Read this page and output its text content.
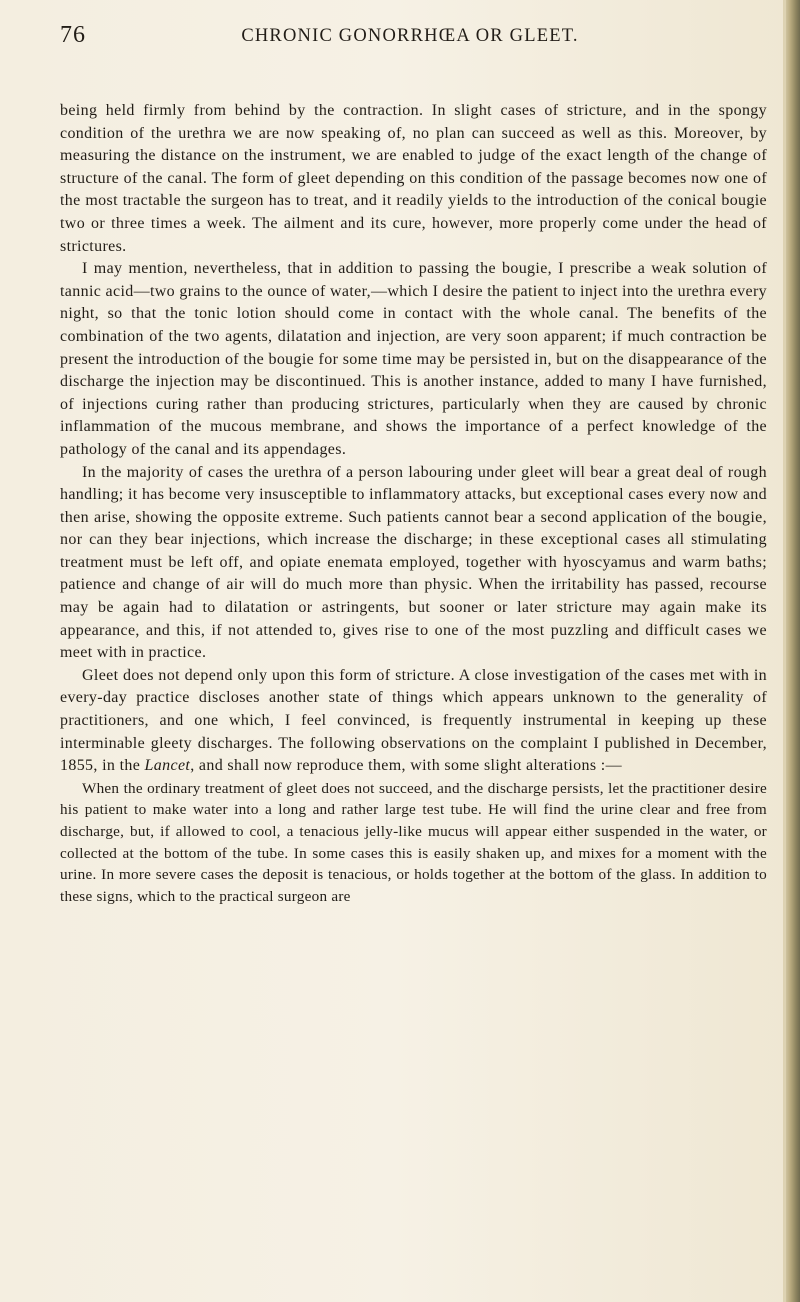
76	CHRONIC GONORRHŒA OR GLEET.

being held firmly from behind by the contraction. In slight cases of stricture, and in the spongy condition of the urethra we are now speaking of, no plan can succeed as well as this. Moreover, by measuring the distance on the instrument, we are enabled to judge of the exact length of the change of structure of the canal. The form of gleet depending on this condition of the passage becomes now one of the most tractable the surgeon has to treat, and it readily yields to the introduction of the conical bougie two or three times a week. The ailment and its cure, however, more properly come under the head of strictures.

I may mention, nevertheless, that in addition to passing the bougie, I prescribe a weak solution of tannic acid—two grains to the ounce of water,—which I desire the patient to inject into the urethra every night, so that the tonic lotion should come in contact with the whole canal. The benefits of the combination of the two agents, dilatation and injection, are very soon apparent; if much contraction be present the introduction of the bougie for some time may be persisted in, but on the disappearance of the discharge the injection may be discontinued. This is another instance, added to many I have furnished, of injections curing rather than producing strictures, particularly when they are caused by chronic inflammation of the mucous membrane, and shows the importance of a perfect knowledge of the pathology of the canal and its appendages.

In the majority of cases the urethra of a person labouring under gleet will bear a great deal of rough handling; it has become very insusceptible to inflammatory attacks, but exceptional cases every now and then arise, showing the opposite extreme. Such patients cannot bear a second application of the bougie, nor can they bear injections, which increase the discharge; in these exceptional cases all stimulating treatment must be left off, and opiate enemata employed, together with hyoscyamus and warm baths; patience and change of air will do much more than physic. When the irritability has passed, recourse may be again had to dilatation or astringents, but sooner or later stricture may again make its appearance, and this, if not attended to, gives rise to one of the most puzzling and difficult cases we meet with in practice.

Gleet does not depend only upon this form of stricture. A close investigation of the cases met with in every-day practice discloses another state of things which appears unknown to the generality of practitioners, and one which, I feel convinced, is frequently instrumental in keeping up these interminable gleety discharges. The following observations on the complaint I published in December, 1855, in the Lancet, and shall now reproduce them, with some slight alterations :—

When the ordinary treatment of gleet does not succeed, and the discharge persists, let the practitioner desire his patient to make water into a long and rather large test tube. He will find the urine clear and free from discharge, but, if allowed to cool, a tenacious jelly-like mucus will appear either suspended in the water, or collected at the bottom of the tube. In some cases this is easily shaken up, and mixes for a moment with the urine. In more severe cases the deposit is tenacious, or holds together at the bottom of the glass. In addition to these signs, which to the practical surgeon are
